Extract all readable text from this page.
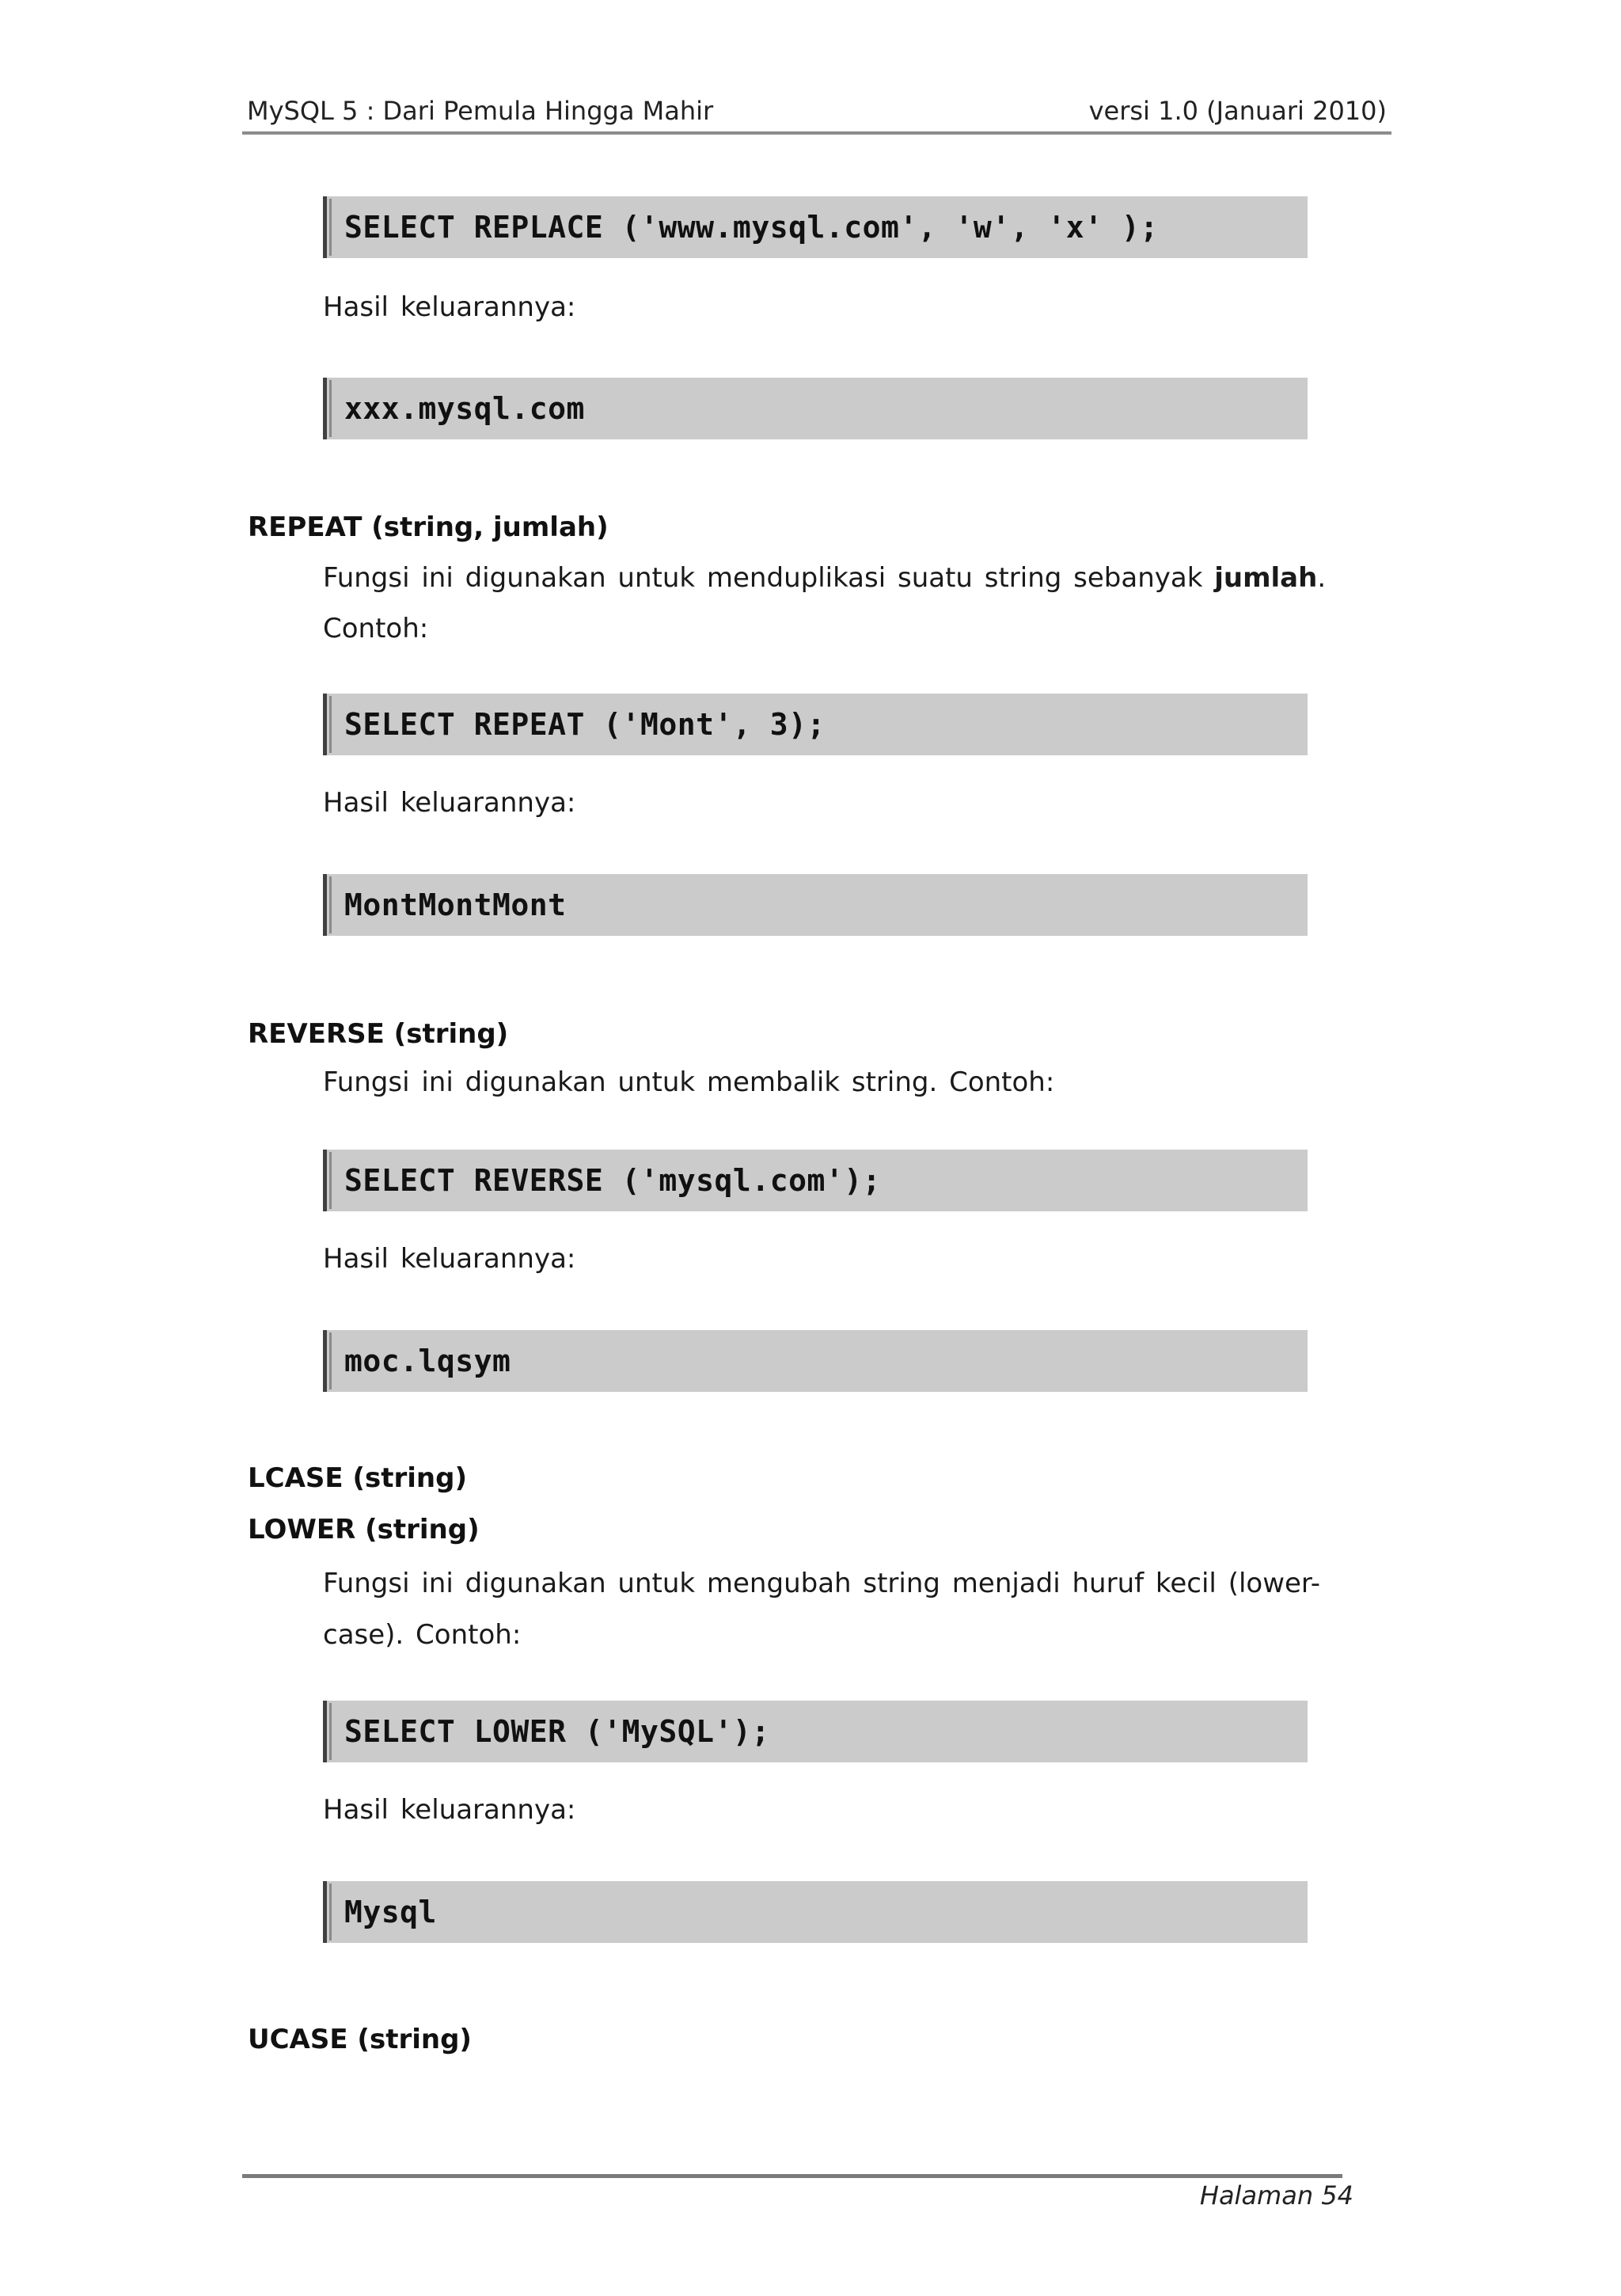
MySQL 5 : Dari Pemula Hingga Mahir	versi 1.0 (Januari 2010)
SELECT REPLACE ('www.mysql.com', 'w', 'x' );
Hasil keluarannya:
xxx.mysql.com
REPEAT (string, jumlah)
Fungsi ini digunakan untuk menduplikasi suatu string sebanyak jumlah.
Contoh:
SELECT REPEAT ('Mont', 3);
Hasil keluarannya:
MontMontMont
REVERSE (string)
Fungsi ini digunakan untuk membalik string. Contoh:
SELECT REVERSE ('mysql.com');
Hasil keluarannya:
moc.lqsym
LCASE (string)
LOWER (string)
Fungsi ini digunakan untuk mengubah string menjadi huruf kecil (lower-
case). Contoh:
SELECT LOWER ('MySQL');
Hasil keluarannya:
Mysql
UCASE (string)
Halaman 54
